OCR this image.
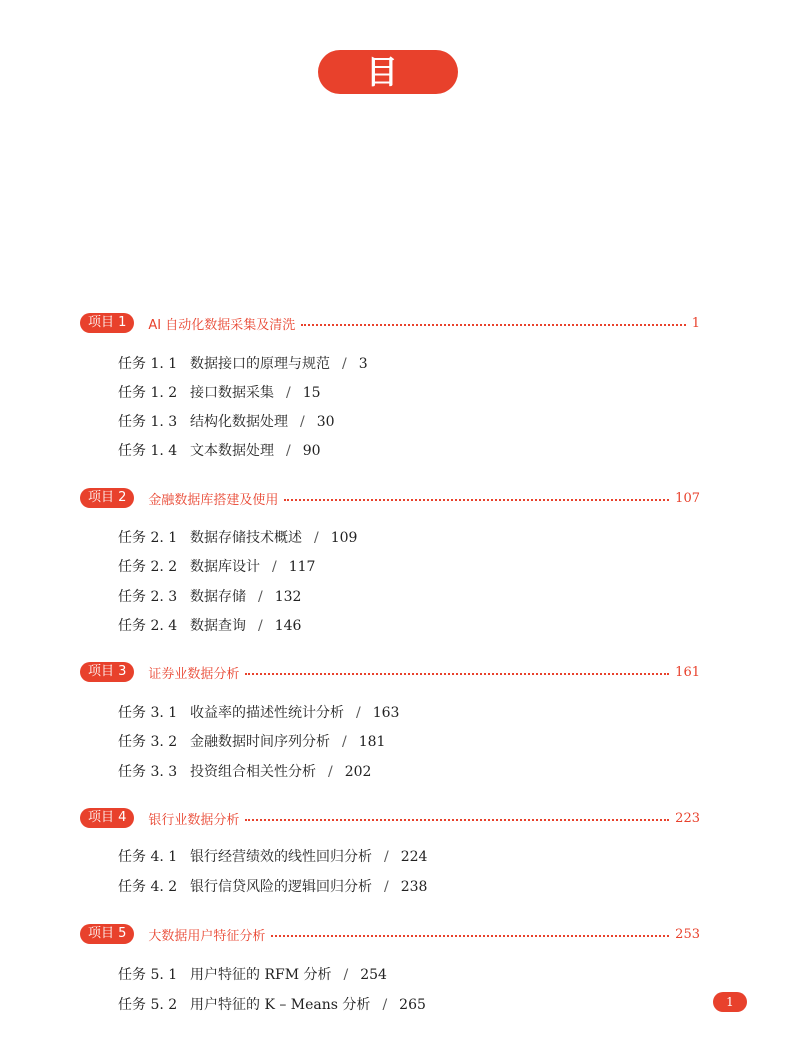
目 录
项目 1	AI 自动化数据采集及清洗	1
任务 1. 1 数据接口的原理与规范 / 3
任务 1. 2 接口数据采集 / 15
任务 1. 3 结构化数据处理 / 30
任务 1. 4 文本数据处理 / 90
项目 2	金融数据库搭建及使用	107
任务 2. 1 数据存储技术概述 / 109
任务 2. 2 数据库设计 / 117
任务 2. 3 数据存储 / 132
任务 2. 4 数据查询 / 146
项目 3	证券业数据分析	161
任务 3. 1 收益率的描述性统计分析 / 163
任务 3. 2 金融数据时间序列分析 / 181
任务 3. 3 投资组合相关性分析 / 202
项目 4	银行业数据分析	223
任务 4. 1 银行经营绩效的线性回归分析 / 224
任务 4. 2 银行信贷风险的逻辑回归分析 / 238
项目 5	大数据用户特征分析	253
任务 5. 1 用户特征的 RFM 分析 / 254
任务 5. 2 用户特征的 K – Means 分析 / 265	1
